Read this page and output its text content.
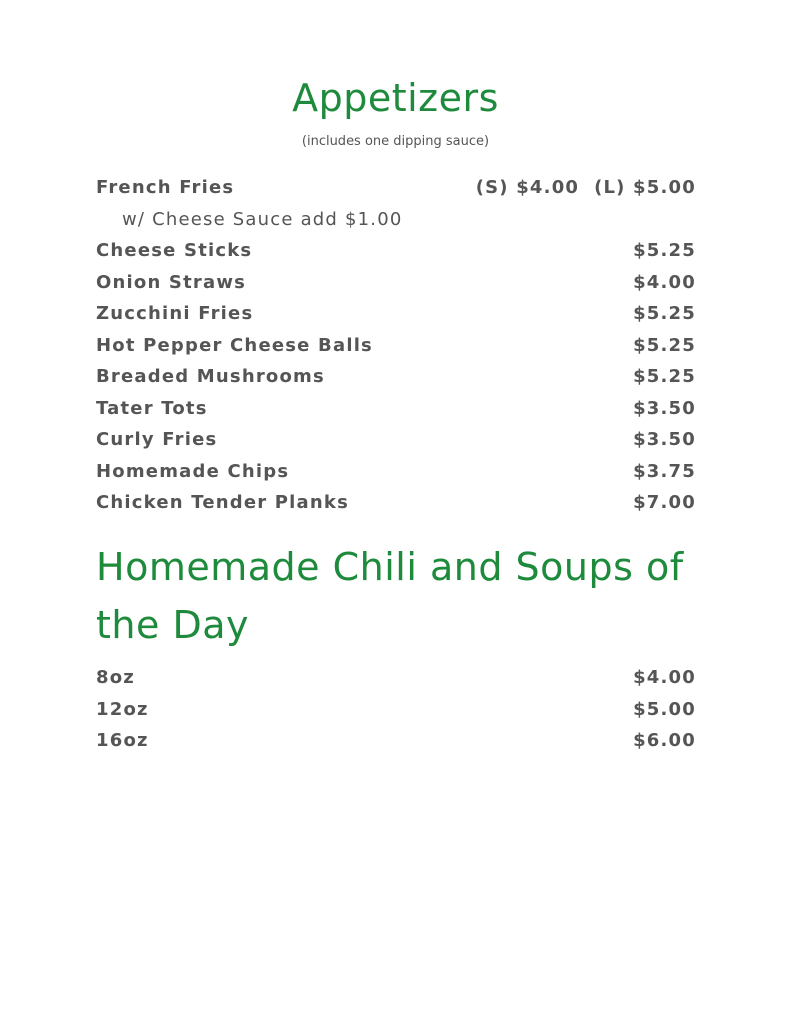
Appetizers

(includes one dipping sauce)

French Fries	(S) $4.00  (L) $5.00
w/ Cheese Sauce add $1.00
Cheese Sticks	$5.25
Onion Straws	$4.00
Zucchini Fries	$5.25
Hot Pepper Cheese Balls	$5.25
Breaded Mushrooms	$5.25
Tater Tots	$3.50
Curly Fries	$3.50
Homemade Chips	$3.75
Chicken Tender Planks	$7.00
Homemade Chili and Soups of the Day
8oz	$4.00
12oz	$5.00
16oz	$6.00
